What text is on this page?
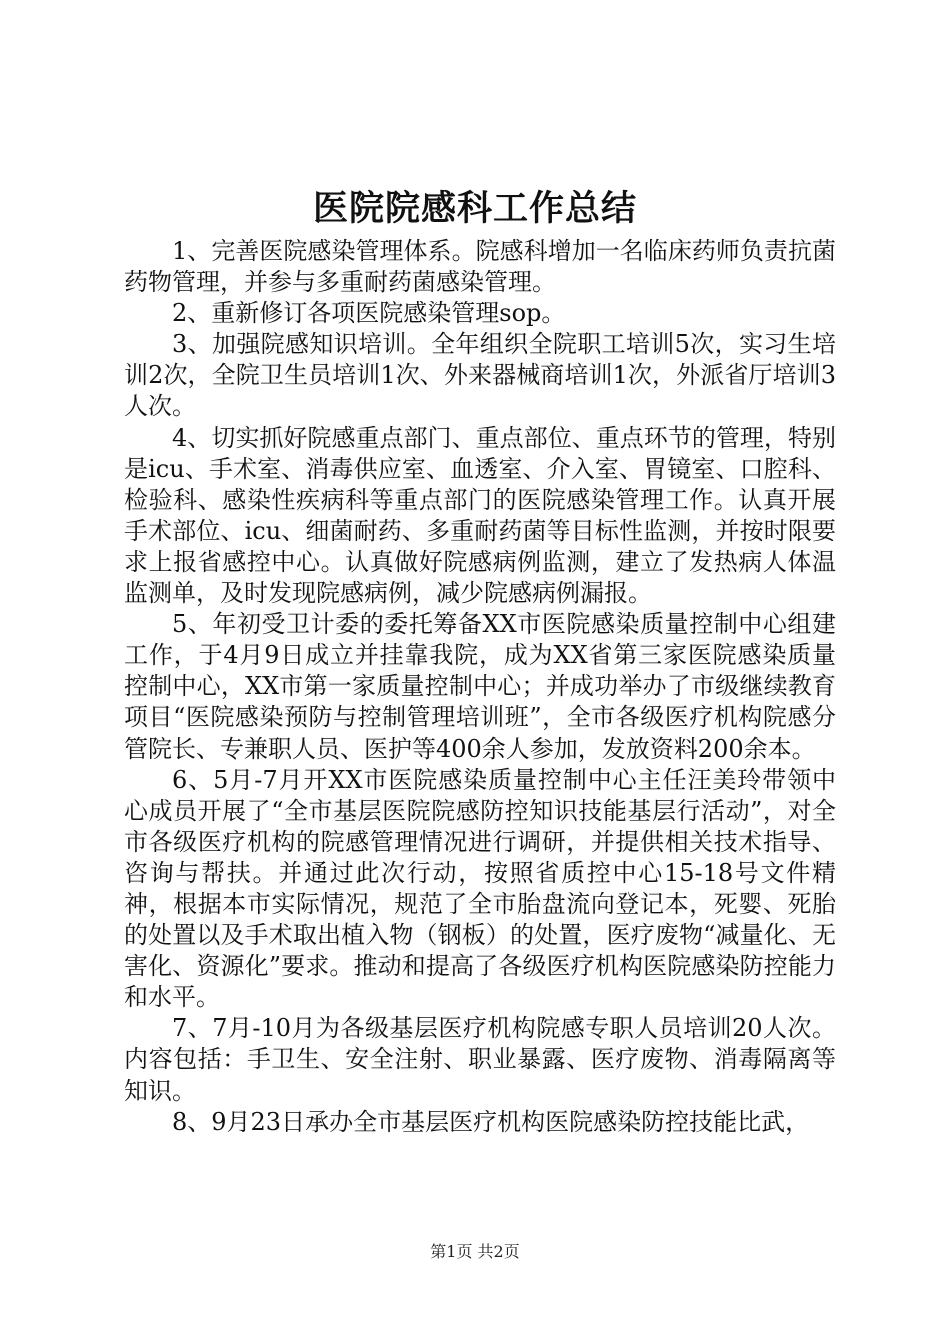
医院院感科工作总结

1、完善医院感染管理体系。院感科增加一名临床药师负责抗菌药物管理，并参与多重耐药菌感染管理。

2、重新修订各项医院感染管理sop。

3、加强院感知识培训。全年组织全院职工培训5次，实习生培训2次，全院卫生员培训1次、外来器械商培训1次，外派省厅培训3人次。

4、切实抓好院感重点部门、重点部位、重点环节的管理，特别是icu、手术室、消毒供应室、血透室、介入室、胃镜室、口腔科、检验科、感染性疾病科等重点部门的医院感染管理工作。认真开展手术部位、icu、细菌耐药、多重耐药菌等目标性监测，并按时限要求上报省感控中心。认真做好院感病例监测，建立了发热病人体温监测单，及时发现院感病例，减少院感病例漏报。

5、年初受卫计委的委托筹备XX市医院感染质量控制中心组建工作，于4月9日成立并挂靠我院，成为XX省第三家医院感染质量控制中心，XX市第一家质量控制中心；并成功举办了市级继续教育项目“医院感染预防与控制管理培训班”，全市各级医疗机构院感分管院长、专兼职人员、医护等400余人参加，发放资料200余本。

6、5月-7月开XX市医院感染质量控制中心主任汪美玲带领中心成员开展了“全市基层医院院感防控知识技能基层行活动”，对全市各级医疗机构的院感管理情况进行调研，并提供相关技术指导、咨询与帮扶。并通过此次行动，按照省质控中心15-18号文件精神，根据本市实际情况，规范了全市胎盘流向登记本，死婴、死胎的处置以及手术取出植入物（钢板）的处置，医疗废物“减量化、无害化、资源化”要求。推动和提高了各级医疗机构医院感染防控能力和水平。

7、7月-10月为各级基层医疗机构院感专职人员培训20人次。内容包括：手卫生、安全注射、职业暴露、医疗废物、消毒隔离等知识。

8、9月23日承办全市基层医疗机构医院感染防控技能比武，

第1页 共2页
